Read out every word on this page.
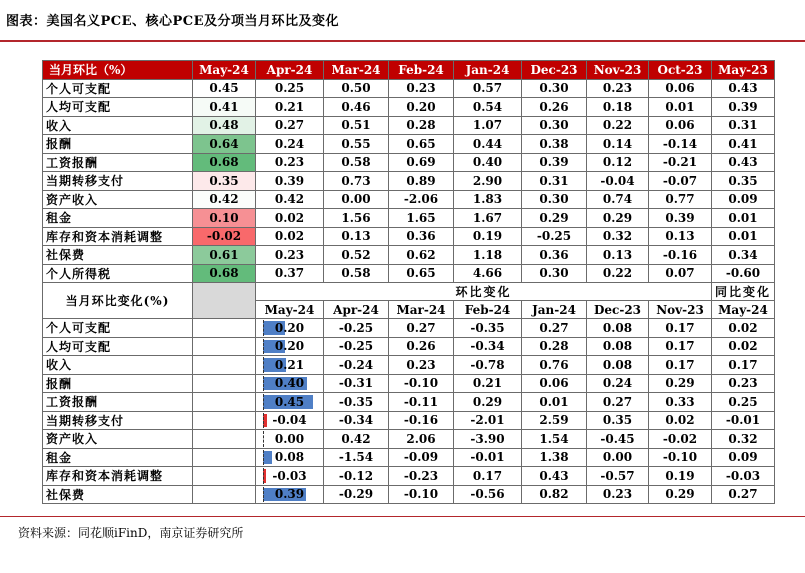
图表：美国名义PCE、核心PCE及分项当月环比及变化
当月环比（%）	May-24	Apr-24	Mar-24	Feb-24	Jan-24	Dec-23	Nov-23	Oct-23	May-23
个人可支配	0.45	0.25	0.50	0.23	0.57	0.30	0.23	0.06	0.43
人均可支配	0.41	0.21	0.46	0.20	0.54	0.26	0.18	0.01	0.39
收入	0.48	0.27	0.51	0.28	1.07	0.30	0.22	0.06	0.31
报酬	0.64	0.24	0.55	0.65	0.44	0.38	0.14	-0.14	0.41
工资报酬	0.68	0.23	0.58	0.69	0.40	0.39	0.12	-0.21	0.43
当期转移支付	0.35	0.39	0.73	0.89	2.90	0.31	-0.04	-0.07	0.35
资产收入	0.42	0.42	0.00	-2.06	1.83	0.30	0.74	0.77	0.09
租金	0.10	0.02	1.56	1.65	1.67	0.29	0.29	0.39	0.01
库存和资本消耗调整	-0.02	0.02	0.13	0.36	0.19	-0.25	0.32	0.13	0.01
社保费	0.61	0.23	0.52	0.62	1.18	0.36	0.13	-0.16	0.34
个人所得税	0.68	0.37	0.58	0.65	4.66	0.30	0.22	0.07	-0.60
当月环比变化(%)		环比变化							同比变化
		May-24	Apr-24	Mar-24	Feb-24	Jan-24	Dec-23	Nov-23	May-24
个人可支配		0.20	-0.25	0.27	-0.35	0.27	0.08	0.17	0.02
人均可支配		0.20	-0.25	0.26	-0.34	0.28	0.08	0.17	0.02
收入		0.21	-0.24	0.23	-0.78	0.76	0.08	0.17	0.17
报酬		0.40	-0.31	-0.10	0.21	0.06	0.24	0.29	0.23
工资报酬		0.45	-0.35	-0.11	0.29	0.01	0.27	0.33	0.25
当期转移支付		-0.04	-0.34	-0.16	-2.01	2.59	0.35	0.02	-0.01
资产收入		0.00	0.42	2.06	-3.90	1.54	-0.45	-0.02	0.32
租金		0.08	-1.54	-0.09	-0.01	1.38	0.00	-0.10	0.09
库存和资本消耗调整		-0.03	-0.12	-0.23	0.17	0.43	-0.57	0.19	-0.03
社保费		0.39	-0.29	-0.10	-0.56	0.82	0.23	0.29	0.27
资料来源：同花顺iFinD，南京证券研究所
